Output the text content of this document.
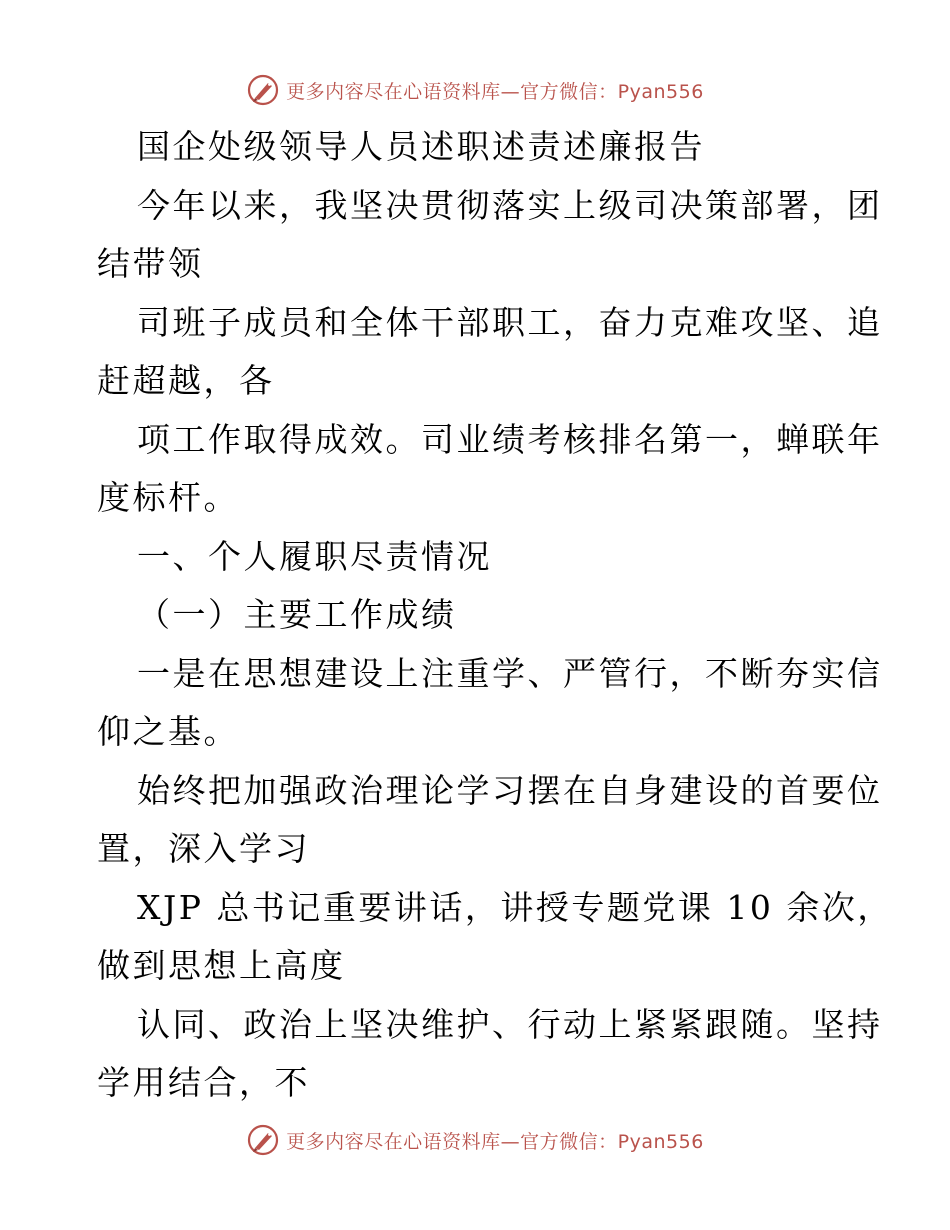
更多内容尽在心语资料库—官方微信：Pyan556
国企处级领导人员述职述责述廉报告
今年以来，我坚决贯彻落实上级司决策部署，团
结带领
司班子成员和全体干部职工，奋力克难攻坚、追
赶超越，各
项工作取得成效。司业绩考核排名第一，蝉联年
度标杆。
一、个人履职尽责情况
（一）主要工作成绩
一是在思想建设上注重学、严管行，不断夯实信
仰之基。
始终把加强政治理论学习摆在自身建设的首要位
置，深入学习
XJP 总书记重要讲话，讲授专题党课 10 余次，
做到思想上高度
认同、政治上坚决维护、行动上紧紧跟随。坚持
学用结合，不
更多内容尽在心语资料库—官方微信：Pyan556
